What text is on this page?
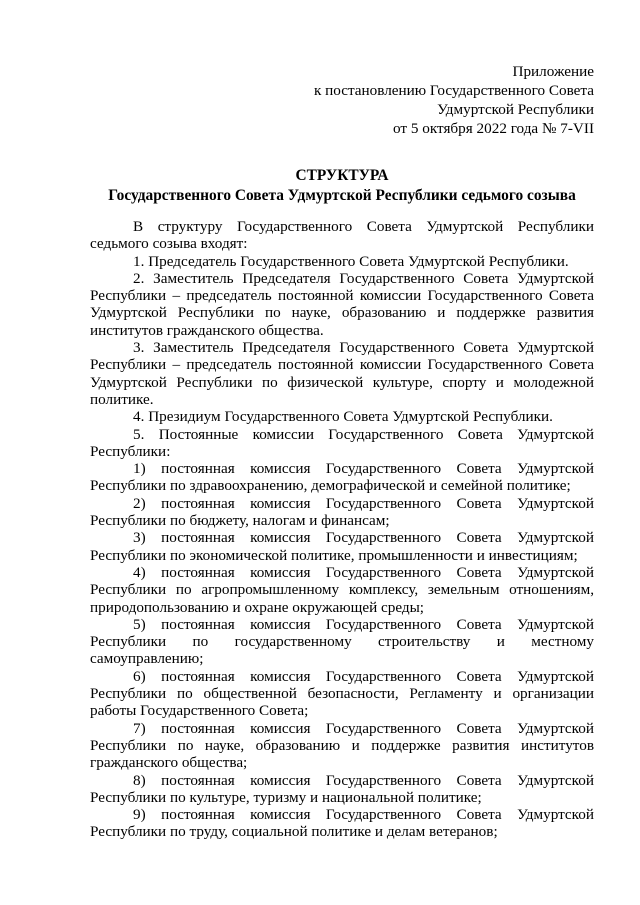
Приложение
к постановлению Государственного Совета
Удмуртской Республики
от 5 октября 2022 года № 7-VII
СТРУКТУРА
Государственного Совета Удмуртской Республики седьмого созыва

В структуру Государственного Совета Удмуртской Республики седьмого созыва входят:

1. Председатель Государственного Совета Удмуртской Республики.

2. Заместитель Председателя Государственного Совета Удмуртской Республики – председатель постоянной комиссии Государственного Совета Удмуртской Республики по науке, образованию и поддержке развития институтов гражданского общества.

3. Заместитель Председателя Государственного Совета Удмуртской Республики – председатель постоянной комиссии Государственного Совета Удмуртской Республики по физической культуре, спорту и молодежной политике.

4. Президиум Государственного Совета Удмуртской Республики.

5. Постоянные комиссии Государственного Совета Удмуртской Республики:

1) постоянная комиссия Государственного Совета Удмуртской Республики по здравоохранению, демографической и семейной политике;

2) постоянная комиссия Государственного Совета Удмуртской Республики по бюджету, налогам и финансам;

3) постоянная комиссия Государственного Совета Удмуртской Республики по экономической политике, промышленности и инвестициям;

4) постоянная комиссия Государственного Совета Удмуртской Республики по агропромышленному комплексу, земельным отношениям, природопользованию и охране окружающей среды;

5) постоянная комиссия Государственного Совета Удмуртской Республики по государственному строительству и местному самоуправлению;

6) постоянная комиссия Государственного Совета Удмуртской Республики по общественной безопасности, Регламенту и организации работы Государственного Совета;

7) постоянная комиссия Государственного Совета Удмуртской Республики по науке, образованию и поддержке развития институтов гражданского общества;

8) постоянная комиссия Государственного Совета Удмуртской Республики по культуре, туризму и национальной политике;

9) постоянная комиссия Государственного Совета Удмуртской Республики по труду, социальной политике и делам ветеранов;
